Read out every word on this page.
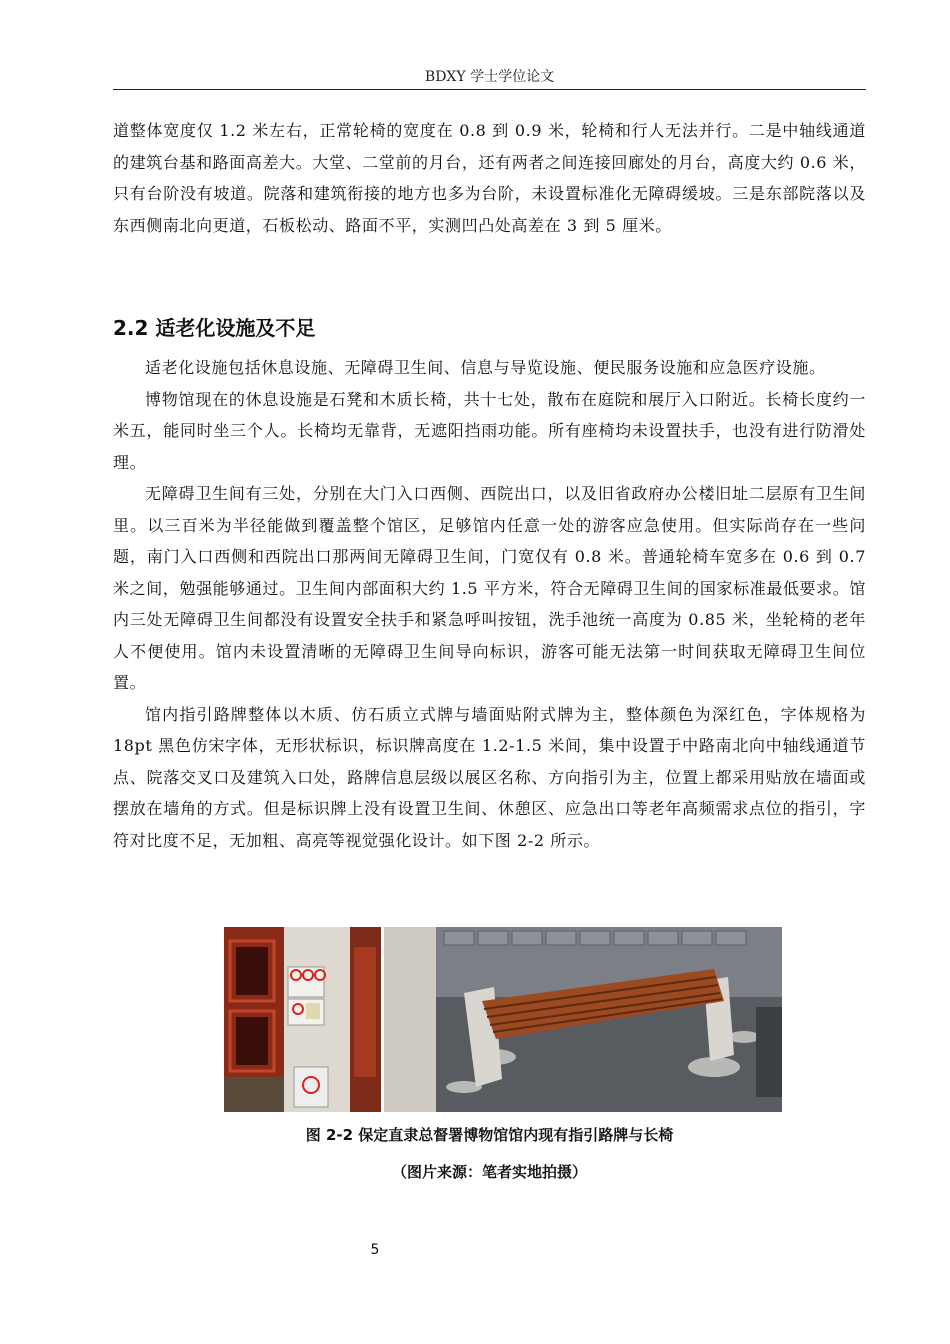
BDXY 学士学位论文

道整体宽度仅 1.2 米左右，正常轮椅的宽度在 0.8 到 0.9 米，轮椅和行人无法并行。二是中轴线通道的建筑台基和路面高差大。大堂、二堂前的月台，还有两者之间连接回廊处的月台，高度大约 0.6 米，只有台阶没有坡道。院落和建筑衔接的地方也多为台阶，未设置标准化无障碍缓坡。三是东部院落以及东西侧南北向更道，石板松动、路面不平，实测凹凸处高差在 3 到 5 厘米。

2.2 适老化设施及不足

适老化设施包括休息设施、无障碍卫生间、信息与导览设施、便民服务设施和应急医疗设施。

博物馆现在的休息设施是石凳和木质长椅，共十七处，散布在庭院和展厅入口附近。长椅长度约一米五，能同时坐三个人。长椅均无靠背，无遮阳挡雨功能。所有座椅均未设置扶手，也没有进行防滑处理。

无障碍卫生间有三处，分别在大门入口西侧、西院出口，以及旧省政府办公楼旧址二层原有卫生间里。以三百米为半径能做到覆盖整个馆区，足够馆内任意一处的游客应急使用。但实际尚存在一些问题，南门入口西侧和西院出口那两间无障碍卫生间，门宽仅有 0.8 米。普通轮椅车宽多在 0.6 到 0.7 米之间，勉强能够通过。卫生间内部面积大约 1.5 平方米，符合无障碍卫生间的国家标准最低要求。馆内三处无障碍卫生间都没有设置安全扶手和紧急呼叫按钮，洗手池统一高度为 0.85 米，坐轮椅的老年人不便使用。馆内未设置清晰的无障碍卫生间导向标识，游客可能无法第一时间获取无障碍卫生间位置。

馆内指引路牌整体以木质、仿石质立式牌与墙面贴附式牌为主，整体颜色为深红色，字体规格为 18pt 黑色仿宋字体，无形状标识，标识牌高度在 1.2-1.5 米间，集中设置于中路南北向中轴线通道节点、院落交叉口及建筑入口处，路牌信息层级以展区名称、方向指引为主，位置上都采用贴放在墙面或摆放在墙角的方式。但是标识牌上没有设置卫生间、休憩区、应急出口等老年高频需求点位的指引，字符对比度不足，无加粗、高亮等视觉强化设计。如下图 2-2 所示。

图 2-2 保定直隶总督署博物馆馆内现有指引路牌与长椅
（图片来源：笔者实地拍摄）
5
